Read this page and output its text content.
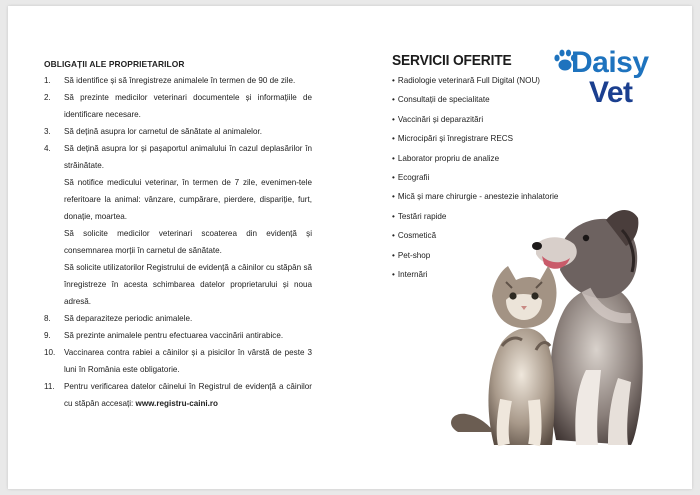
OBLIGAȚII ALE PROPRIETARILOR
1. Să identifice și să înregistreze animalele în termen de 90 de zile.
2. Să prezinte medicilor veterinari documentele și informațiile de identificare necesare.
3. Să dețină asupra lor carnetul de sănătate al animalelor.
4. Să dețină asupra lor și pașaportul animalului în cazul deplasărilor în străinătate.
Să notifice medicului veterinar, în termen de 7 zile, evenimen-tele referitoare la animal: vânzare, cumpărare, pierdere, dispariție, furt, donație, moartea.
Să solicite medicilor veterinari scoaterea din evidență și consemnarea morții în carnetul de sănătate.
Să solicite utilizatorilor Registrului de evidență a câinilor cu stăpân să înregistreze în acesta schimbarea datelor proprietarului și noua adresă.
8. Să deparaziteze periodic animalele.
9. Să prezinte animalele pentru efectuarea vaccinării antirabice.
10. Vaccinarea contra rabiei a câinilor și a pisicilor în vârstă de peste 3 luni în România este obligatorie.
11. Pentru verificarea datelor câinelui în Registrul de evidență a câinilor cu stăpân accesați: www.registru-caini.ro
SERVICII OFERITE
• Radiologie veterinară Full Digital (NOU)
• Consultații de specialitate
• Vaccinări și deparazitări
• Microcipări și înregistrare RECS
• Laborator propriu de analize
• Ecografii
• Mică și mare chirurgie - anestezie inhalatorie
• Testări rapide
• Cosmetică
• Pet-shop
• Internări
Daisy
Vet
